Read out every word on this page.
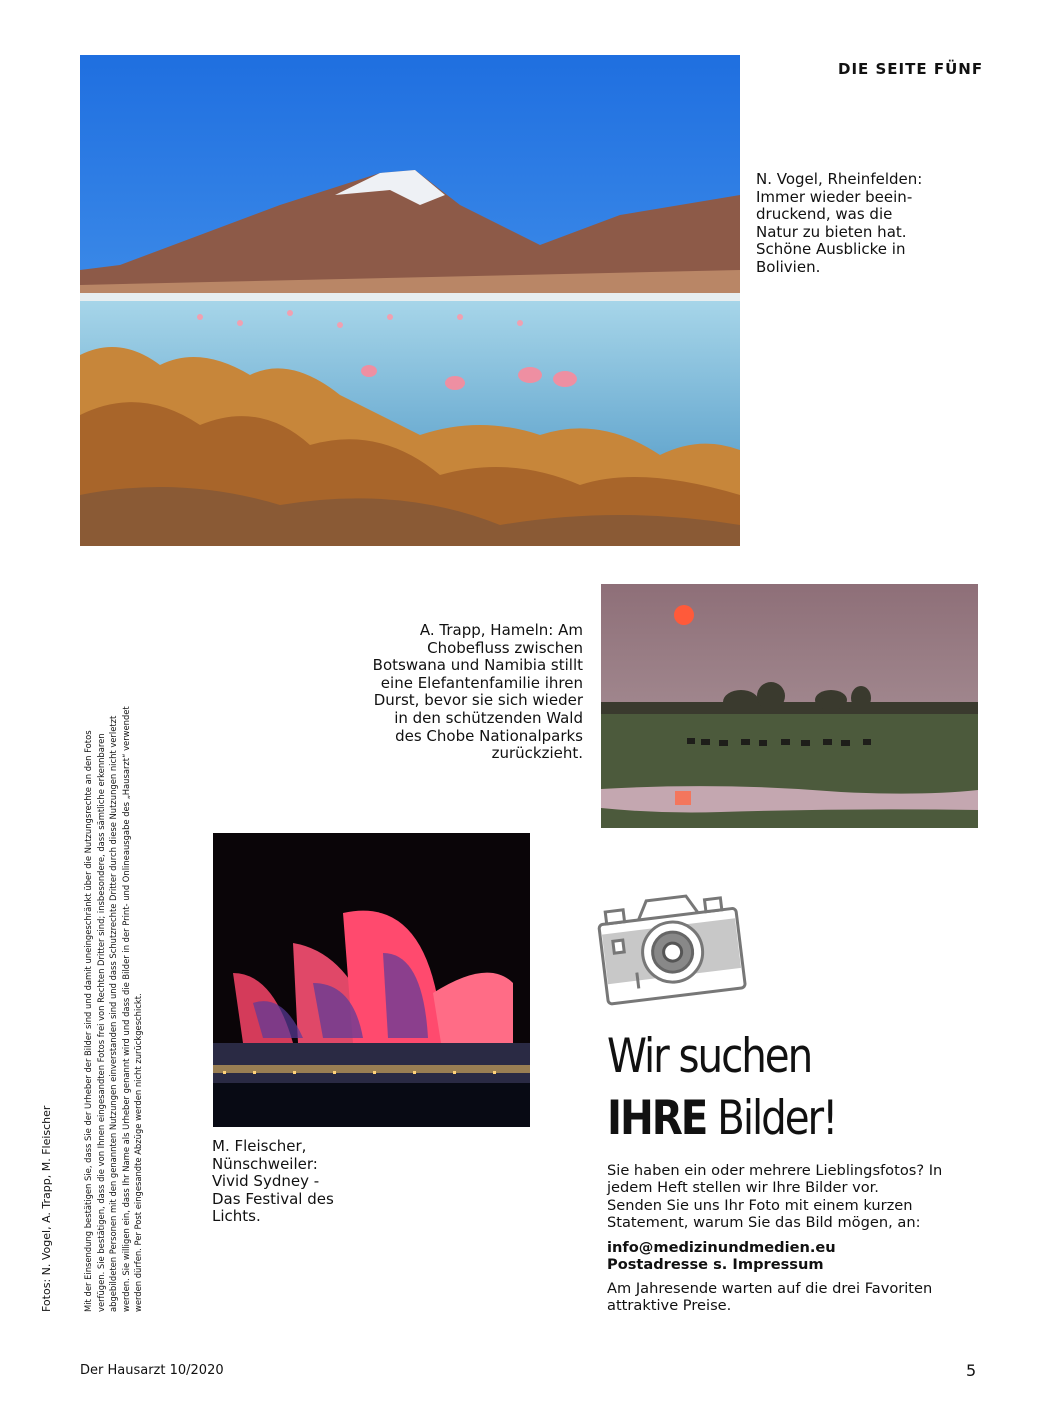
DIE SEITE FÜNF
N. Vogel, Rheinfelden:
Immer wieder beein-
druckend, was die
Natur zu bieten hat.
Schöne Ausblicke in
Bolivien.
A. Trapp, Hameln: Am
Chobefluss zwischen
Botswana und Namibia stillt
eine Elefantenfamilie ihren
Durst, bevor sie sich wieder
in den schützenden Wald
des Chobe Nationalparks
zurückzieht.
M. Fleischer,
Nünschweiler:
Vivid Sydney -
Das Festival des
Lichts.
Fotos: N. Vogel, A. Trapp, M. Fleischer	Mit der Einsendung bestätigen Sie, dass Sie der Urheber der Bilder sind und damit uneingeschränkt über die Nutzungsrechte an den Fotos
verfügen. Sie bestätigen, dass die von Ihnen eingesandten Fotos frei von Rechten Dritter sind; insbesondere, dass sämtliche erkennbaren
abgebildeten Personen mit den genannten Nutzungen einverstanden sind und dass Schutzrechte Dritter durch diese Nutzungen nicht verletzt
werden. Sie willigen ein, dass Ihr Name als Urheber genannt wird und dass die Bilder in der Print- und Onlineausgabe des „Hausarzt“ verwendet
werden dürfen. Per Post eingesandte Abzüge werden nicht zurückgeschickt.	Wir suchen
IHRE Bilder!
Sie haben ein oder mehrere Lieblingsfotos? In
jedem Heft stellen wir Ihre Bilder vor.
Senden Sie uns Ihr Foto mit einem kurzen
Statement, warum Sie das Bild mögen, an:
info@medizinundmedien.eu
Postadresse s. Impressum
Am Jahresende warten auf die drei Favoriten
attraktive Preise.
Der Hausarzt 10/2020	5
